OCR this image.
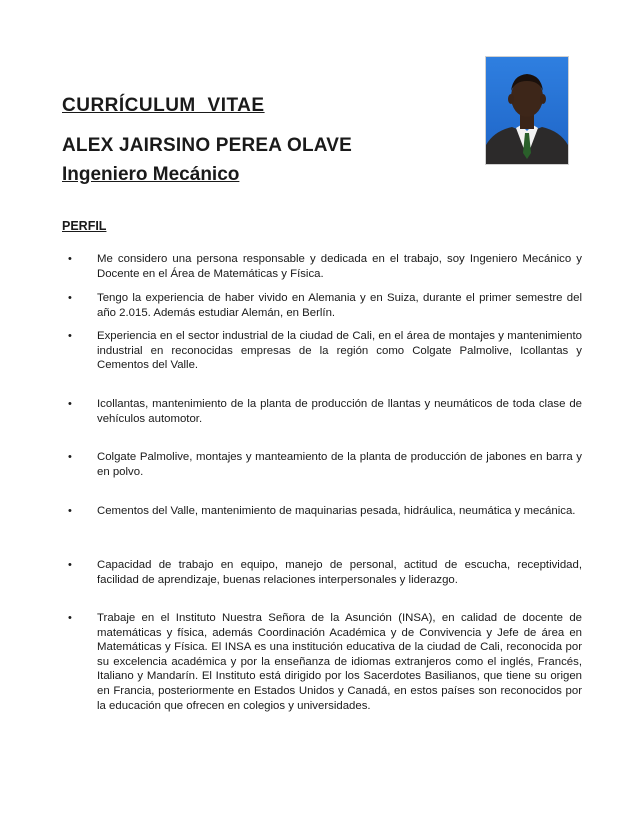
CURRÍCULUM VITAE
ALEX JAIRSINO PEREA OLAVE
Ingeniero Mecánico
PERFIL
• Me considero una persona responsable y dedicada en el trabajo, soy Ingeniero Mecánico y Docente en el Área de Matemáticas y Física.
• Tengo la experiencia de haber vivido en Alemania y en Suiza, durante el primer semestre del año 2.015. Además estudiar Alemán, en Berlín.
• Experiencia en el sector industrial de la ciudad de Cali, en el área de montajes y mantenimiento industrial en reconocidas empresas de la región como Colgate Palmolive, Icollantas y Cementos del Valle.
• Icollantas, mantenimiento de la planta de producción de llantas y neumáticos de toda clase de vehículos automotor.
• Colgate Palmolive, montajes y manteamiento de la planta de producción de jabones en barra y en polvo.
• Cementos del Valle, mantenimiento de maquinarias pesada, hidráulica, neumática y mecánica.
• Capacidad de trabajo en equipo, manejo de personal, actitud de escucha, receptividad, facilidad de aprendizaje, buenas relaciones interpersonales y liderazgo.
• Trabaje en el Instituto Nuestra Señora de la Asunción (INSA), en calidad de docente de matemáticas y física, además Coordinación Académica y de Convivencia y Jefe de área en Matemáticas y Física. El INSA es una institución educativa de la ciudad de Cali, reconocida por su excelencia académica y por la enseñanza de idiomas extranjeros como el inglés, Francés, Italiano y Mandarín. El Instituto está dirigido por los Sacerdotes Basilianos, que tiene su origen en Francia, posteriormente en Estados Unidos y Canadá, en estos países son reconocidos por la educación que ofrecen en colegios y universidades.
